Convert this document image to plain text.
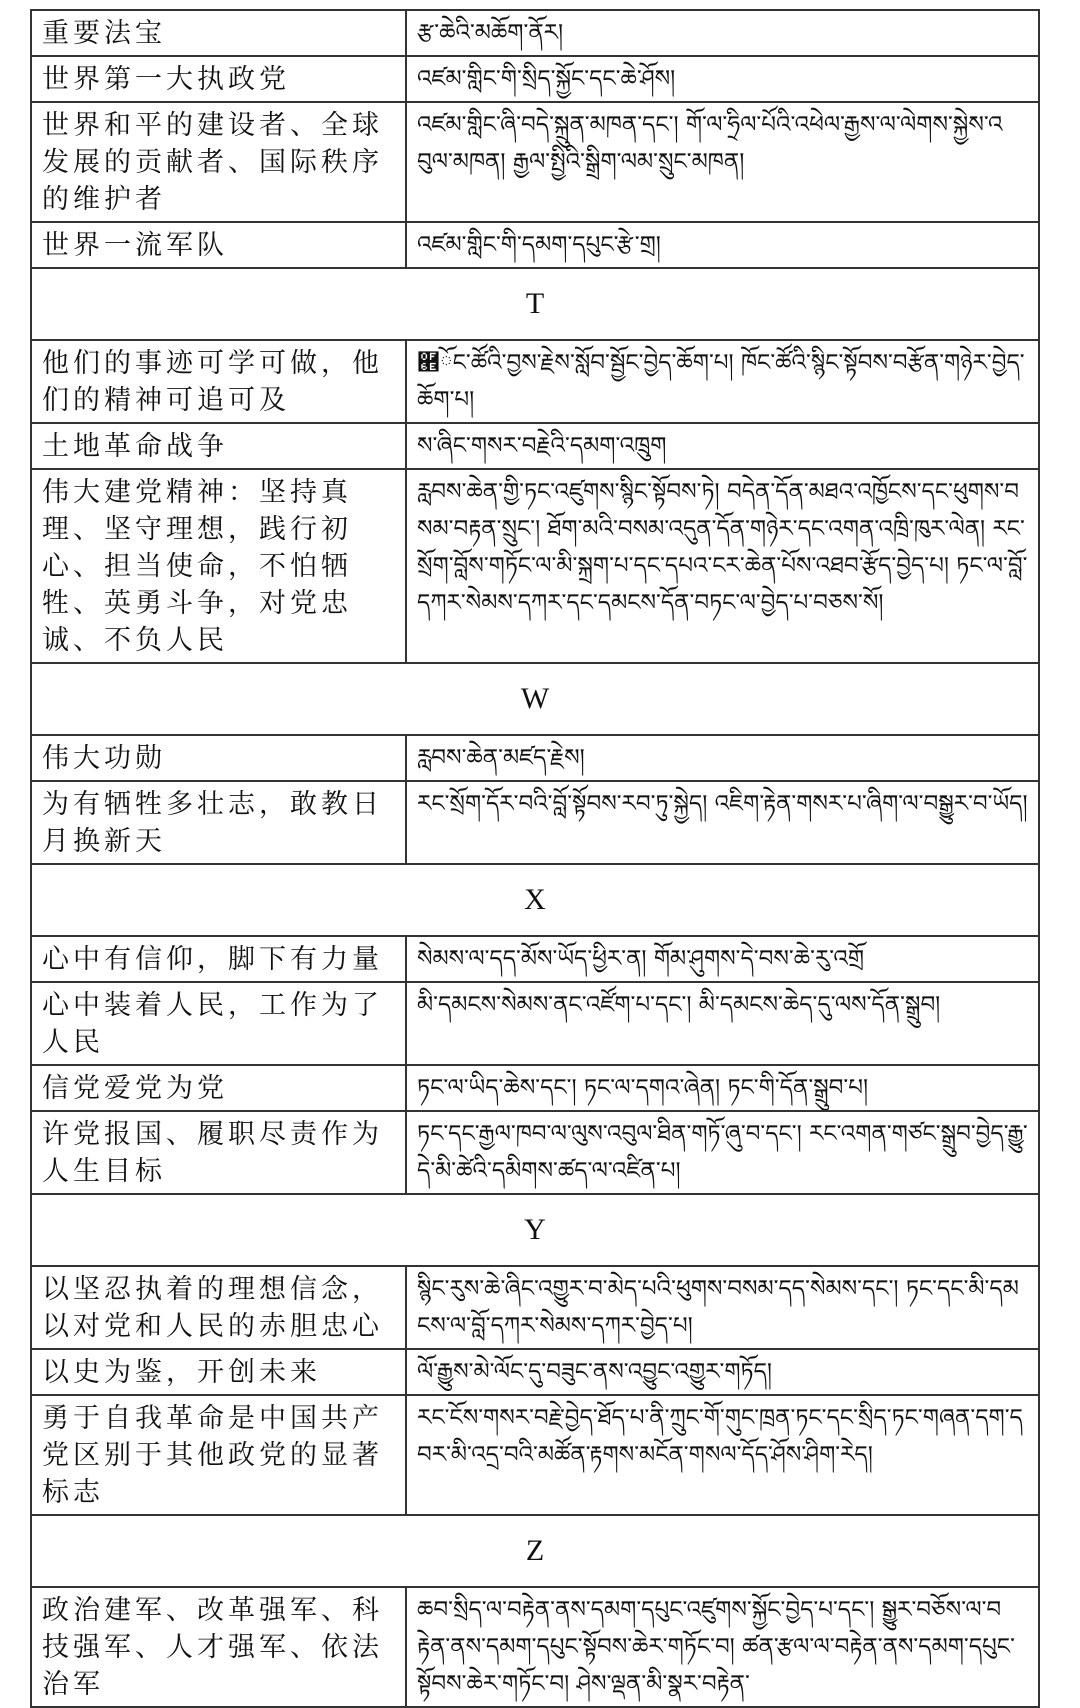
重要法宝	རྩ་ཆེའི་མཆོག་ནོར།
世界第一大执政党	འཛམ་གླིང་གི་སྲིད་སྐྱོང་དང་ཆེ་ཤོས།
世界和平的建设者、全球发展的贡献者、国际秩序的维护者	འཛམ་གླིང་ཞི་བདེ་སྐྲུན་མཁན་དང་། གོ་ལ་ཧྲིལ་པོའི་འཕེལ་རྒྱས་ལ་ལེགས་སྐྱེས་འབུལ་མཁན། རྒྱལ་སྤྱིའི་སྒྲིག་ལམ་སྲུང་མཁན།
世界一流军队	འཛམ་གླིང་གི་དམག་དཔུང་རྩེ་གྲ།
T	
他们的事迹可学可做，他们的精神可追可及	཮ོང་ཚོའི་བྱས་རྗེས་སློབ་སྦྱོང་བྱེད་ཆོག་པ། ཁོང་ཚོའི་སྙིང་སྟོབས་བརྩོན་གཉེར་བྱེད་ཆོག་པ།
土地革命战争	ས་ཞིང་གསར་བརྗེའི་དམག་འཁྲུག
伟大建党精神：坚持真理、坚守理想，践行初心、担当使命，不怕牺牲、英勇斗争，对党忠诚、不负人民	རླབས་ཆེན་གྱི་ཏང་འཛུགས་སྙིང་སྟོབས་ཏེ། བདེན་དོན་མཐའ་འཁྱོངས་དང་ཕུགས་བསམ་བརྟན་སྲུང་། ཐོག་མའི་བསམ་འདུན་དོན་གཉེར་དང་འགན་འཁྲི་ཁུར་ལེན། རང་སྲོག་བློས་གཏོང་ལ་མི་སྐྲག་པ་དང་དཔའ་ངར་ཆེན་པོས་འཐབ་རྩོད་བྱེད་པ། ཏང་ལ་བློ་དཀར་སེམས་དཀར་དང་དམངས་དོན་བཏང་ལ་བྱེད་པ་བཅས་སོ།
W	
伟大功勋	རླབས་ཆེན་མཛད་རྗེས།
为有牺牲多壮志，敢教日月换新天	རང་སྲོག་དོར་བའི་བློ་སྟོབས་རབ་ཏུ་སྐྱེད། འཇིག་རྟེན་གསར་པ་ཞིག་ལ་བསྒྱུར་བ་ཡོད།
X	
心中有信仰，脚下有力量	སེམས་ལ་དད་མོས་ཡོད་ཕྱིར་ན། གོམ་ཤུགས་དེ་བས་ཆེ་རུ་འགྲོ
心中装着人民，工作为了人民	མི་དམངས་སེམས་ནང་འཛོག་པ་དང་། མི་དམངས་ཆེད་དུ་ལས་དོན་སྒྲུབ།
信党爱党为党	ཏང་ལ་ཡིད་ཆེས་དང་། ཏང་ལ་དགའ་ཞེན། ཏང་གི་དོན་སྒྲུབ་པ།
许党报国、履职尽责作为人生目标	ཏང་དང་རྒྱལ་ཁབ་ལ་ལུས་འབུལ་ཐིན་གཏོ་ཞུ་བ་དང་། རང་འགན་གཙང་སྒྲུབ་བྱེད་རྒྱུ་དེ་མི་ཚེའི་དམིགས་ཚད་ལ་འཛིན་པ།
Y	
以坚忍执着的理想信念，以对党和人民的赤胆忠心	སྙིང་རུས་ཆེ་ཞིང་འགྱུར་བ་མེད་པའི་ཕུགས་བསམ་དད་སེམས་དང་། ཏང་དང་མི་དམངས་ལ་བློ་དཀར་སེམས་དཀར་བྱེད་པ།
以史为鉴，开创未来	ལོ་རྒྱུས་མེ་ལོང་དུ་བཟུང་ནས་འབྱུང་འགྱུར་གཏོད།
勇于自我革命是中国共产党区别于其他政党的显著标志	རང་ངོས་གསར་བརྗེ་བྱེད་ཐོད་པ་ནི་ཀྲུང་གོ་གུང་ཁྲན་ཏང་དང་སྲིད་ཏང་གཞན་དག་དབར་མི་འདྲ་བའི་མཚོན་རྟགས་མངོན་གསལ་དོད་ཤོས་ཤིག་རེད།
Z	
政治建军、改革强军、科技强军、人才强军、依法治军	ཆབ་སྲིད་ལ་བརྟེན་ནས་དམག་དཔུང་འཛུགས་སྐྱོང་བྱེད་པ་དང་། སྒྱུར་བཅོས་ལ་བརྟེན་ནས་དམག་དཔུང་སྟོབས་ཆེར་གཏོང་བ། ཚན་རྩལ་ལ་བརྟེན་ནས་དམག་དཔུང་སྟོབས་ཆེར་གཏོང་བ། ཤེས་ལྡན་མི་སྣར་བརྟེན་
